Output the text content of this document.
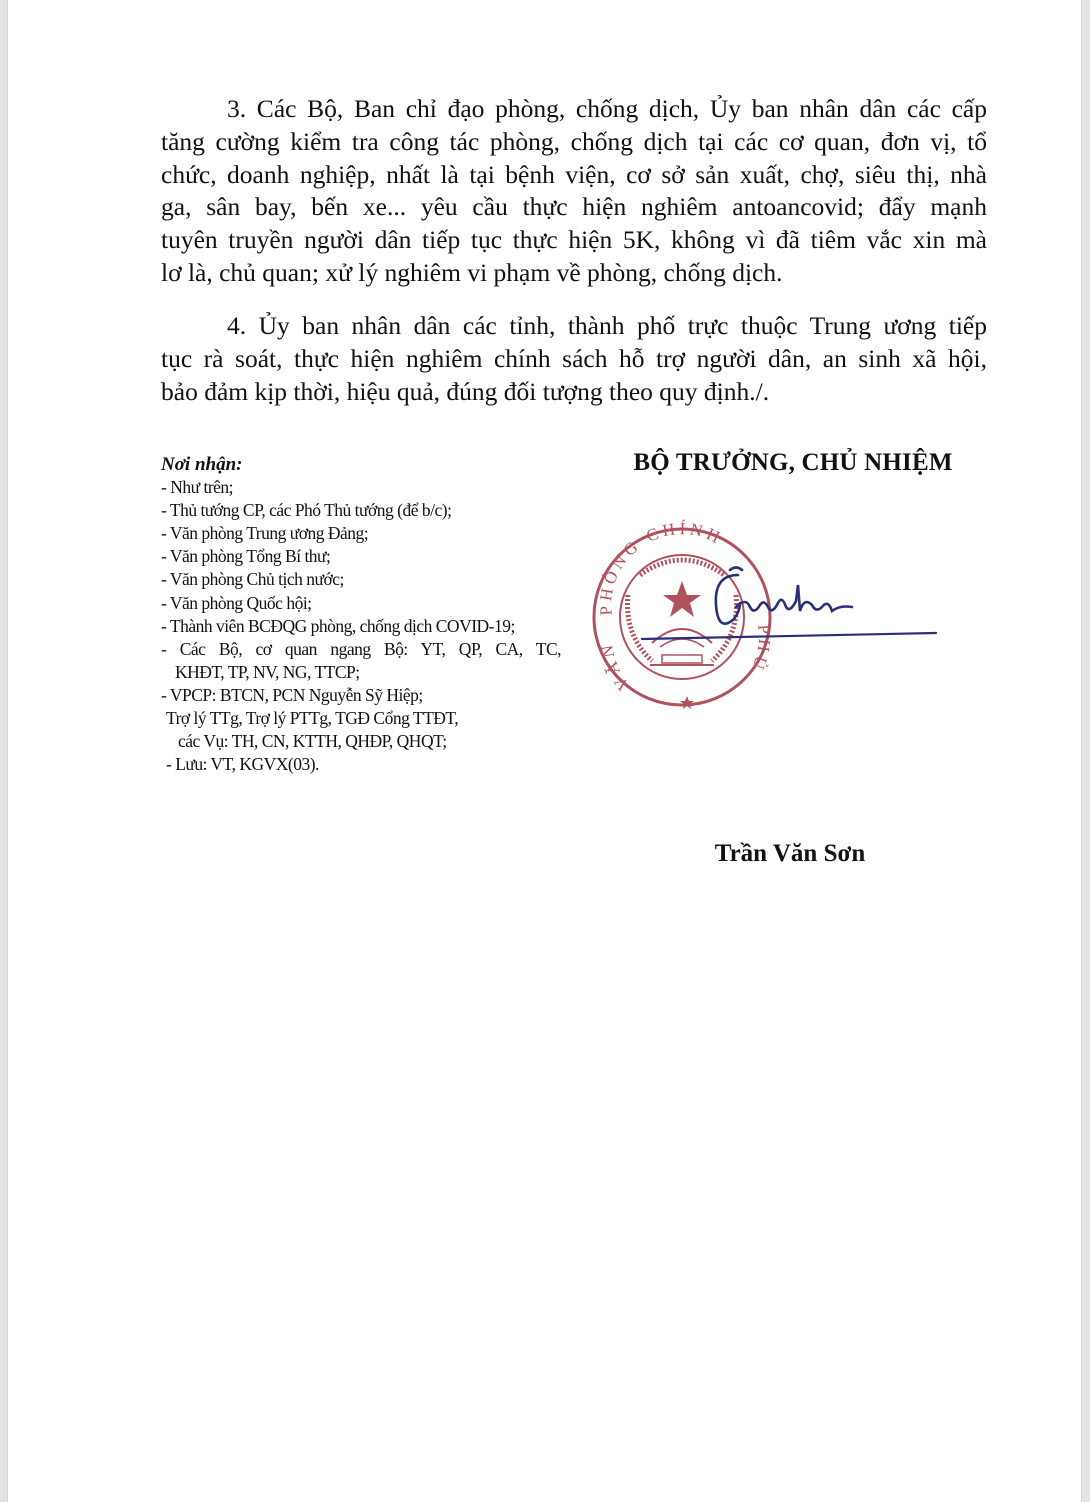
3. Các Bộ, Ban chỉ đạo phòng, chống dịch, Ủy ban nhân dân các cấp
tăng cường kiểm tra công tác phòng, chống dịch tại các cơ quan, đơn vị, tổ
chức, doanh nghiệp, nhất là tại bệnh viện, cơ sở sản xuất, chợ, siêu thị, nhà
ga, sân bay, bến xe... yêu cầu thực hiện nghiêm antoancovid; đẩy mạnh
tuyên truyền người dân tiếp tục thực hiện 5K, không vì đã tiêm vắc xin mà
lơ là, chủ quan; xử lý nghiêm vi phạm về phòng, chống dịch.
4. Ủy ban nhân dân các tỉnh, thành phố trực thuộc Trung ương tiếp
tục rà soát, thực hiện nghiêm chính sách hỗ trợ người dân, an sinh xã hội,
bảo đảm kịp thời, hiệu quả, đúng đối tượng theo quy định./.
Nơi nhận:
- Như trên;
- Thủ tướng CP, các Phó Thủ tướng (để b/c);
- Văn phòng Trung ương Đảng;
- Văn phòng Tổng Bí thư;
- Văn phòng Chủ tịch nước;
- Văn phòng Quốc hội;
- Thành viên BCĐQG phòng, chống dịch COVID-19;
- Các Bộ, cơ quan ngang Bộ: YT, QP, CA, TC,
KHĐT, TP, NV, NG, TTCP;
- VPCP: BTCN, PCN Nguyễn Sỹ Hiệp;
Trợ lý TTg, Trợ lý PTTg, TGĐ Cổng TTĐT,
các Vụ: TH, CN, KTTH, QHĐP, QHQT;
- Lưu: VT, KGVX(03).
BỘ TRƯỞNG, CHỦ NHIỆM
PHÒNG CHÍNH
VĂN
PHỦ
Trần Văn Sơn
